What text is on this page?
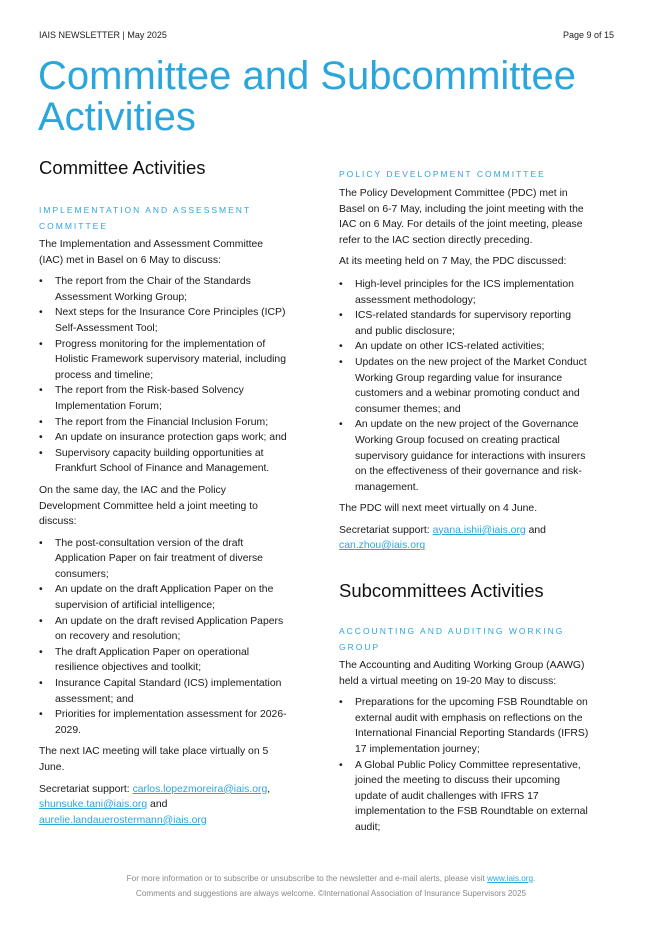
IAIS NEWSLETTER | May 2025	Page 9 of 15
Committee and Subcommittee Activities
Committee Activities
IMPLEMENTATION AND ASSESSMENT COMMITTEE

The Implementation and Assessment Committee (IAC) met in Basel on 6 May to discuss:

• The report from the Chair of the Standards Assessment Working Group;
• Next steps for the Insurance Core Principles (ICP) Self-Assessment Tool;
• Progress monitoring for the implementation of Holistic Framework supervisory material, including process and timeline;
• The report from the Risk-based Solvency Implementation Forum;
• The report from the Financial Inclusion Forum;
• An update on insurance protection gaps work; and
• Supervisory capacity building opportunities at Frankfurt School of Finance and Management.

On the same day, the IAC and the Policy Development Committee held a joint meeting to discuss:

• The post-consultation version of the draft Application Paper on fair treatment of diverse consumers;
• An update on the draft Application Paper on the supervision of artificial intelligence;
• An update on the draft revised Application Papers on recovery and resolution;
• The draft Application Paper on operational resilience objectives and toolkit;
• Insurance Capital Standard (ICS) implementation assessment; and
• Priorities for implementation assessment for 2026-2029.

The next IAC meeting will take place virtually on 5 June.

Secretariat support: carlos.lopezmoreira@iais.org,
shunsuke.tani@iais.org and
aurelie.landauerostermann@iais.org

POLICY DEVELOPMENT COMMITTEE

The Policy Development Committee (PDC) met in Basel on 6-7 May, including the joint meeting with the IAC on 6 May. For details of the joint meeting, please refer to the IAC section directly preceding.

At its meeting held on 7 May, the PDC discussed:

• High-level principles for the ICS implementation assessment methodology;
• ICS-related standards for supervisory reporting and public disclosure;
• An update on other ICS-related activities;
• Updates on the new project of the Market Conduct Working Group regarding value for insurance customers and a webinar promoting conduct and consumer themes; and
• An update on the new project of the Governance Working Group focused on creating practical supervisory guidance for interactions with insurers on the effectiveness of their governance and risk-management.

The PDC will next meet virtually on 4 June.

Secretariat support: ayana.ishii@iais.org and
can.zhou@iais.org

Subcommittees Activities
ACCOUNTING AND AUDITING WORKING GROUP

The Accounting and Auditing Working Group (AAWG) held a virtual meeting on 19-20 May to discuss:

• Preparations for the upcoming FSB Roundtable on external audit with emphasis on reflections on the International Financial Reporting Standards (IFRS) 17 implementation journey;
• A Global Public Policy Committee representative, joined the meeting to discuss their upcoming update of audit challenges with IFRS 17 implementation to the FSB Roundtable on external audit;
For more information or to subscribe or unsubscribe to the newsletter and e-mail alerts, please visit www.iais.org.
Comments and suggestions are always welcome. ©International Association of Insurance Supervisors 2025
